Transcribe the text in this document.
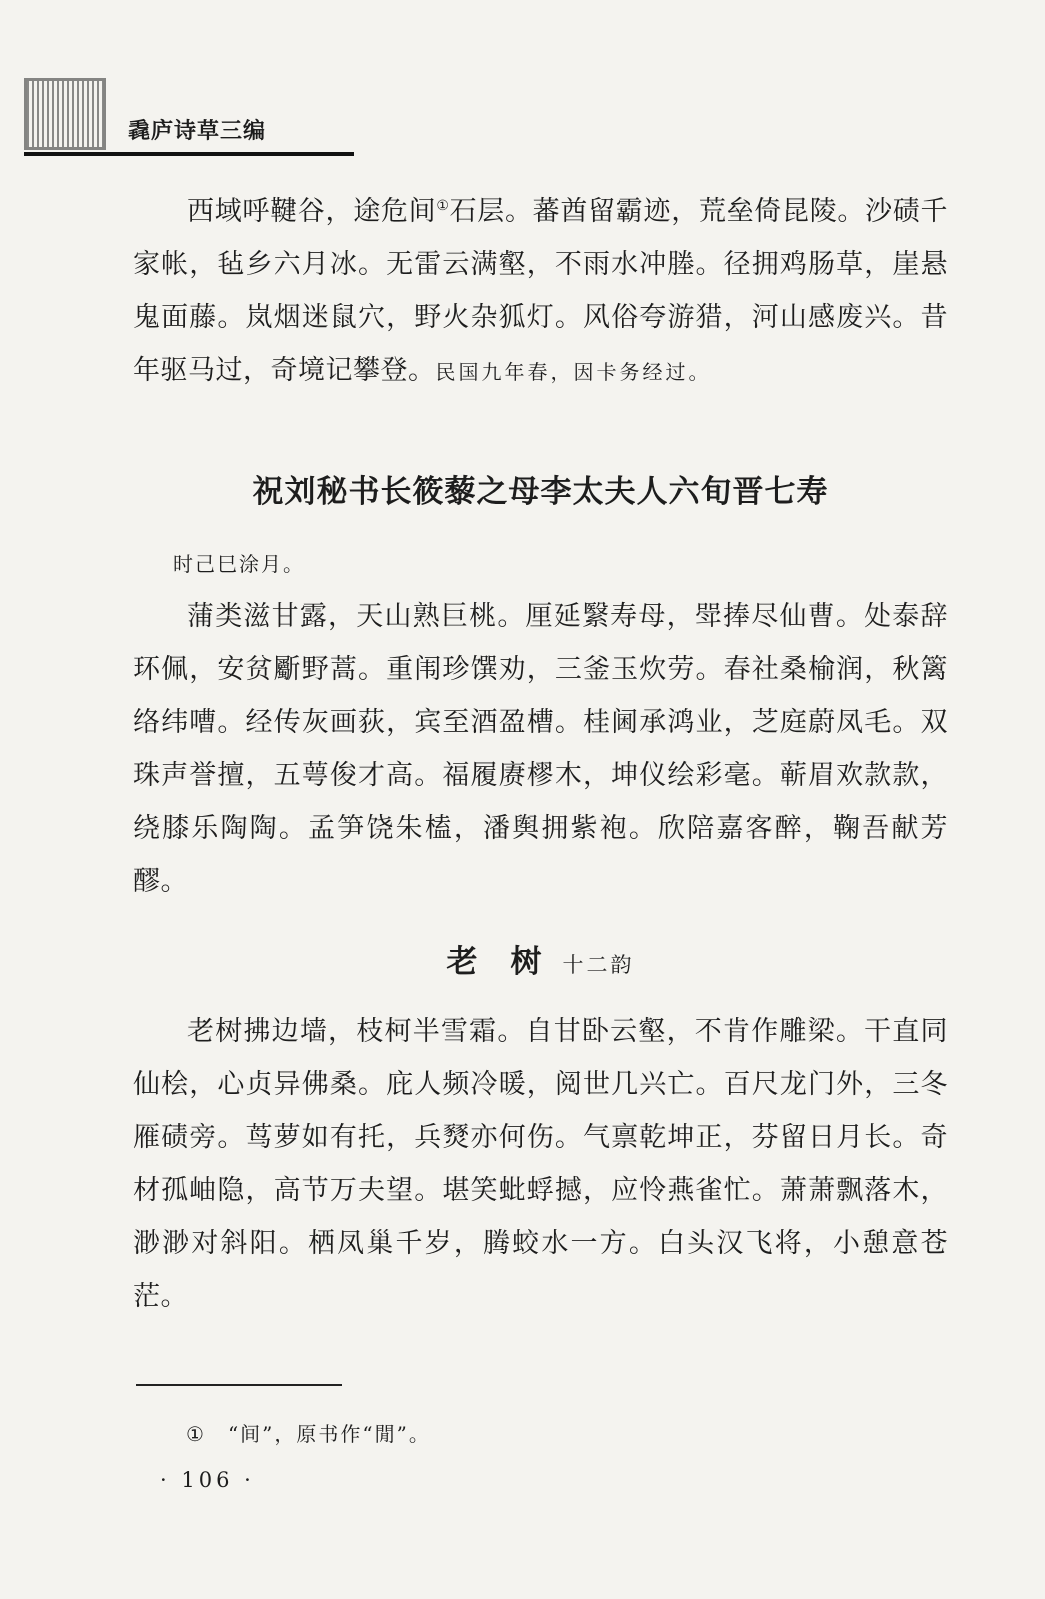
毳庐诗草三编

西域呼鞬谷，途危间①石层。蕃酋留霸迹，荒垒倚昆陵。沙碛千家帐，毡乡六月冰。无雷云满壑，不雨水冲塍。径拥鸡肠草，崖悬鬼面藤。岚烟迷鼠穴，野火杂狐灯。风俗夸游猎，河山感废兴。昔年驱马过，奇境记攀登。民国九年春，因卡务经过。

祝刘秘书长筱藜之母李太夫人六旬晋七寿
时己巳涂月。

蒲类滋甘露，天山熟巨桃。厘延繄寿母，斝捧尽仙曹。处泰辞环佩，安贫斸野蒿。重闱珍馔劝，三釜玉炊劳。春社桑榆润，秋篱络纬嘈。经传灰画荻，宾至酒盈槽。桂阃承鸿业，芝庭蔚凤毛。双珠声誉擅，五萼俊才高。福履赓樛木，坤仪绘彩毫。蕲眉欢款款，绕膝乐陶陶。孟笋饶朱榼，潘舆拥紫袍。欣陪嘉客醉，鞠吾献芳醪。

老　树 十二韵

老树拂边墙，枝柯半雪霜。自甘卧云壑，不肯作雕梁。干直同仙桧，心贞异佛桑。庇人频冷暖，阅世几兴亡。百尺龙门外，三冬雁碛旁。茑萝如有托，兵燹亦何伤。气禀乾坤正，芬留日月长。奇材孤岫隐，高节万夫望。堪笑蚍蜉撼，应怜燕雀忙。萧萧飘落木，渺渺对斜阳。栖凤巢千岁，腾蛟水一方。白头汉飞将，小憩意苍茫。

① “间”，原书作“閒”。
· 106 ·
